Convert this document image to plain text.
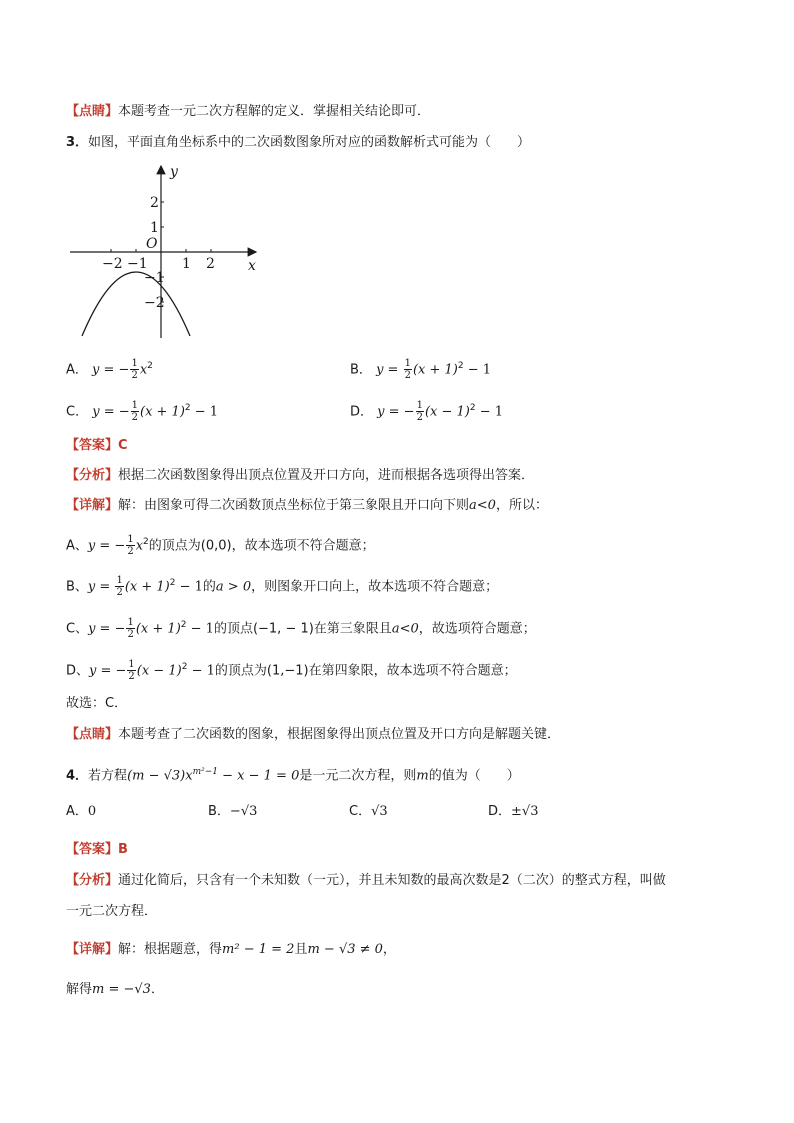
【点睛】本题考查一元二次方程解的定义．掌握相关结论即可．
3．如图，平面直角坐标系中的二次函数图象所对应的函数解析式可能为（　　）
y
x
O
−2 −1 1 2
2
1
−1
−2
A． y = − $\frac{1}{2} x^2$	B． $y = \frac{1}{2} (x + 1)^2 - 1$
C． y = − $\frac{1}{2} (x + 1)^2 - 1$	D． y = − $\frac{1}{2} (x - 1)^2 - 1$
【答案】C
【分析】根据二次函数图象得出顶点位置及开口方向，进而根据各选项得出答案．
【详解】解：由图象可得二次函数顶点坐标位于第三象限且开口向下则a<0，所以：
A、y = − $\frac{1}{2} x^2$的顶点为(0,0)，故本选项不符合题意；
B、$y = \frac{1}{2} (x + 1)^2 - 1$的a > 0，则图象开口向上，故本选项不符合题意；
C、y = − $\frac{1}{2} (x + 1)^2 - 1$的顶点(−1, − 1)在第三象限且a<0，故选项符合题意；
D、y = − $\frac{1}{2} (x - 1)^2 - 1$的顶点为(1,−1)在第四象限，故本选项不符合题意；
故选：C．
【点睛】本题考查了二次函数的图象，根据图象得出顶点位置及开口方向是解题关键．
4．若方程$(m - √3)x^{m^2-1} - x - 1 = 0$是一元二次方程，则m的值为（　　）
A．0	B．−√3	C．√3	D．±√3
【答案】B
【分析】通过化简后，只含有一个未知数（一元），并且未知数的最高次数是2（二次）的整式方程，叫做
一元二次方程．
【详解】解：根据题意，得m² − 1 = 2且m − √3 ≠ 0，
解得m = −√3．
